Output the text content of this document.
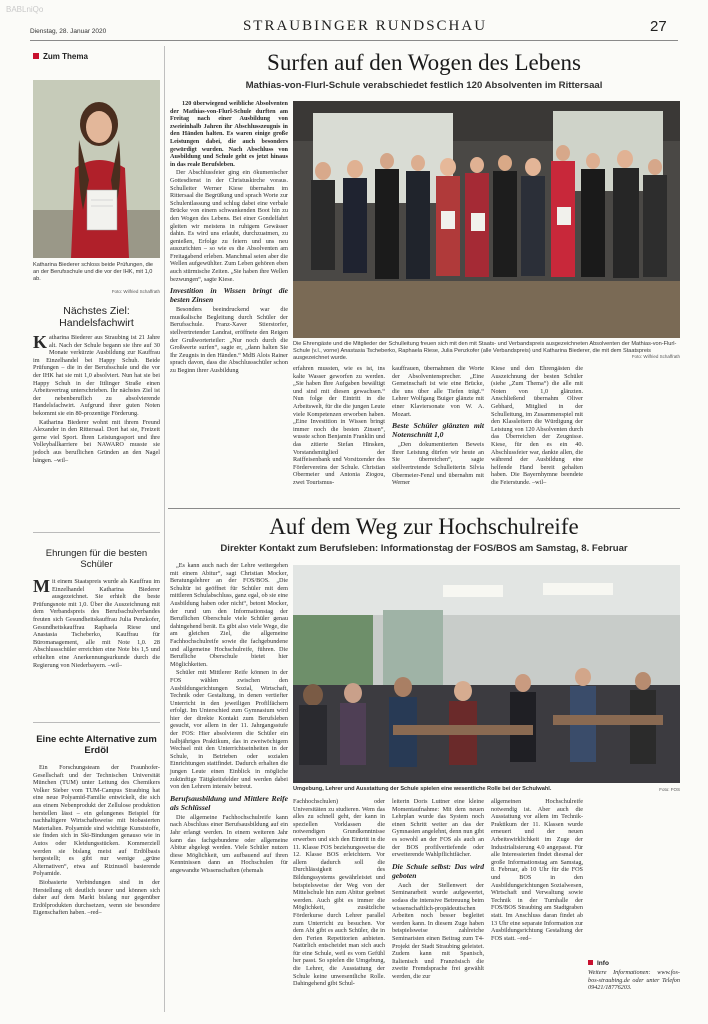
BABLniQo
Dienstag, 28. Januar 2020	STRAUBINGER RUNDSCHAU	27
Zum Thema
Katharina Biederer schloss beide Prüfungen, die an der Berufsschule und die vor der IHK, mit 1,0 ab.
Foto: Wilfried Schaffrath
Nächstes Ziel: Handelsfachwirt
Katharina Biederer aus Straubing ist 21 Jahre alt. Nach der Schule begann sie ihre auf 30 Monate verkürzte Ausbildung zur Kauffrau im Einzelhandel bei Happy Schuh. Beide Prüfungen – die in der Berufsschule und die vor der IHK hat sie mit 1,0 absolviert. Nun hat sie bei Happy Schuh in der Ittlinger Straße einen Arbeitsvertrag unterschrieben. Ihr nächstes Ziel ist der nebenberuflich zu absolvierende Handelsfachwirt. Aufgrund ihrer guten Noten bekommt sie ein 80-prozentige Förderung.

Katharina Biederer wohnt mit ihrem Freund Alexander in den Rittersaal. Dort hat sie, Freizeit gerne viel Sport. Ihren Leistungssport und ihre Volleyballkarriere bei NAWARO musste sie jedoch aus beruflichen Gründen an den Nagel hängen. –wil–

Ehrungen für die besten Schüler
Mit einem Staatspreis wurde als Kauffrau im Einzelhandel Katharina Biederer ausgezeichnet. Sie erhielt die beste Prüfungsnote mit 1,0. Über die Auszeichnung mit dem Verbandspreis des Berufsschulverbandes freuten sich Gesundheitskauffrau Julia Penzkofer, Gesundheitskauffrau Raphaela Riese und Anastasia Tscheberko, Kauffrau für Büromanagement, alle mit Note 1,0. 28 Abschlussschüler erreichten eine Note bis 1,5 und erhielten eine Anerkennungsurkunde durch die Regierung von Niederbayern. –wil–
Eine echte Alternative zum Erdöl

Ein Forschungsteam der Fraunhofer-Gesellschaft und der Technischen Universität München (TUM) unter Leitung des Chemikers Volker Sieber vom TUM-Campus Straubing hat eine neue Polyamid-Familie entwickelt, die sich aus einem Nebenprodukt der Zellulose produktion herstellen lässt – ein gelungenes Beispiel für nachhaltigere Wirtschaftsweise mit biobasierten Materialien. Polyamide sind wichtige Kunststoffe, sie finden sich in Ski-Bindungen genauso wie in Autos oder Kleidungsstücken. Kommerziell werden sie bislang meist auf Erdölbasis hergestellt; es gibt nur wenige „grüne Alternativen“, etwa auf Rizinusöl basierende Polyamide.

Biobasierte Verbindungen sind in der Herstellung oft deutlich teurer und können sich daher auf dem Markt bislang nur gegenüber Erdölprodukten durchsetzen, wenn sie besondere Eigenschaften haben. –red–

Surfen auf den Wogen des Lebens
Mathias-von-Flurl-Schule verabschiedet festlich 120 Absolventen im Rittersaal

120 überwiegend weibliche Absolventen der Mathias-von-Flurl-Schule durften am Freitag nach einer Ausbildung von zweieinhalb Jahren ihr Abschlusszeugnis in den Händen halten. Es waren einige große Leistungen dabei, die auch besonders gewürdigt wurden. Nach Abschluss von Ausbildung und Schule geht es jetzt hinaus in das reale Berufsleben.

Der Abschlussfeier ging ein ökumenischer Gottesdienst in der Christuskirche voraus. Schulleiter Werner Kiese übernahm im Rittersaal die Begrüßung und sprach Worte zur Schulentlassung und schlug dabei eine verbale Brücke von einem schwankenden Boot hin zu den Wogen des Lebens. Bei einer Gondelfahrt gleiten wir meistens in ruhigem Gewässer dahin. Es wird uns erlaubt, durchzuatmen, zu genießen, Erfolge zu feiern und uns neu auszurichten – so wie es die Absolventen am Freitagabend erleben. Manchmal seien aber die Wellen aufgewühlter. Zum Leben gehören eben auch stürmische Zeiten. „Sie haben ihre Wellen bezwungen“, sagte Kiese.

Investition in Wissen bringt die besten Zinsen

Besonders beeindruckend war die musikalische Begleitung durch Schüler der Berufsschule. Franz-Xaver Stierstorfer, stellvertretender Landrat, eröffnete den Reigen der Grußworterteiler: „Nur noch durch die Großwerte surfen“, sagte er, „dann halten Sie Ihr Zeugnis in den Händen.“ MdB Alois Rainer sprach davon, dass die Abschlussschüler schon zu Beginn ihrer Ausbildung

Die Ehrengäste und die Mitglieder der Schulleitung freuen sich mit den mit Staats- und Verbandspreis ausgezeichneten Absolventen der Mathias-von-Flurl-Schule (v.l., vorne) Anastasia Tscheberko, Raphaela Riese, Julia Penzkofer (alle Verbandspreis) und Katharina Biederer, die mit dem Staatspreis ausgezeichnet wurde.	Foto: Wilfried Schaffrath
erfahren mussten, wie es ist, ins kalte Wasser geworfen zu werden. „Sie haben Ihre Aufgaben bewältigt und sind mit diesen gewachsen.“ Nun folge der Eintritt in die Arbeitswelt, für die die jungen Leute viele Kompetenzen erworben haben. „Eine Investition in Wissen bringt immer noch die besten Zinsen“, wusste schon Benjamin Franklin und das zitierte Stefan Hinsken, Vorstandsmitglied der Raiffeisenbank und Vorsitzender des Fördervereins der Schule. Christian Obermeier und Antonia Ziogou, zwei Tourismus-

kauffrauen, übernahmen die Worte der Absolventensprecher. „Eine Gemeinschaft ist wie eine Brücke, die uns über alle Tiefen trägt.“ Lehrer Wolfgang Buiger glänzte mit einer Klaviersonate von W. A. Mozart.

Beste Schüler glänzten mit Notenschnitt 1,0

„Den dokumentierten Beweis Ihrer Leistung dürfen wir heute an Sie überreichen“, sagte stellvertretende Schulleiterin Silvia Obermeier-Fenzl und übernahm mit Werner

Kiese und den Ehrengästen die Auszeichnung der besten Schüler (siehe „Zum Thema“) die alle mit Noten von 1,0 glänzten. Anschließend übernahm Oliver Gebhard, Mitglied in der Schulleitung, im Zusammenspiel mit den Klassleitern die Würdigung der Leistung von 120 Absolventen durch das Überreichen der Zeugnisse. Kiese, für den es ein 40. Abschlussfeier war, dankte allen, die während der Ausbildung eine helfende Hand bereit gehalten haben. Die Bayernhymne beendete die Feierstunde. –wil–
Auf dem Weg zur Hochschulreife
Direkter Kontakt zum Berufsleben: Informationstag der FOS/BOS am Samstag, 8. Februar

„Es kann auch nach der Lehre weitergehen mit einem Abitur“, sagt Christian Mocker, Beratungslehrer an der FOS/BOS. „Die Schultür ist geöffnet für Schüler mit dem mittleren Schulabschluss, ganz egal, ob sie eine Ausbildung haben oder nicht“, betont Mocker, der rund um den Informationstag der Beruflichen Oberschule viele Schüler genau dahingehend berät. Es gibt also viele Wege, die am gleichen Ziel, die allgemeine Fachhochschulreife sowie die fachgebundene und allgemeine Hochschulreife, führen. Die Berufliche Oberschule bietet hier Möglichkeiten.

Schüler mit Mittlerer Reife können in der FOS wählen zwischen den Ausbildungsrichtungen Sozial, Wirtschaft, Technik oder Gestaltung, in denen vertiefter Unterricht in den jeweiligen Profilfächern erfolgt. Im Unterschied zum Gymnasium wird hier der direkte Kontakt zum Berufsleben gesucht, vor allem in der 11. Jahrgangsstufe der FOS: Hier absolvieren die Schüler ein halbjähriges Praktikum, das in zweiwöchigem Wechsel mit den Unterrichtseinheiten in der Schule, in Betrieben oder sozialen Einrichtungen stattfindet. Dadurch erhalten die jungen Leute einen Einblick in mögliche zukünftige Tätigkeitsfelder und werden dabei von den Lehrern intensiv betreut.

Berufsausbildung und Mittlere Reife als Schlüssel

Die allgemeine Fachhochschulreife kann nach Abschluss einer Berufsausbildung auf ein Jahr erlangt werden. In einem weiteren Jahr kann das fachgebundene oder allgemeine Abitur abgelegt werden. Viele Schüler nutzen diese Möglichkeit, um aufbauend auf ihren Kenntnissen dann an Hochschulen für angewandte Wissenschaften (ehemals

Umgebung, Lehrer und Ausstattung der Schule spielen eine wesentliche Rolle bei der Schulwahl.	Foto: FOS
Fachhochschulen) oder Universitäten zu studieren. Wem das alles zu schnell geht, der kann in speziellen Vorklassen die notwendigen Grundkenntnisse erwerben und sich den Eintritt in die 11. Klasse FOS beziehungsweise die 12. Klasse BOS erleichtern. Vor allem dadurch soll die Durchlässigkeit des Bildungssystems gewährleistet und beispielsweise der Weg von der Mittelschule hin zum Abitur geebnet werden. Auch gibt es immer die Möglichkeit, zusätzliche Förderkurse durch Lehrer parallel zum Unterricht zu besuchen. Vor dem Abi gibt es auch Schüler, die in den Ferien Repetitorien anbieten. Natürlich entscheidet man sich auch für eine Schule, weil es vom Gefühl her passt. So spielen die Umgebung, die Lehrer, die Ausstattung der Schule keine unwesentliche Rolle. Dahingehend gibt Schul-

leiterin Doris Luttner eine kleine Momentaufnahme: Mit dem neuen Lehrplan wurde das System noch einen Schritt weiter an das der Gymnasien angelehnt, denn nun gibt es sowohl an der FOS als auch an der BOS profilvertiefende oder erweiterende Wahlpflichtfächer.

Die Schule selbst: Das wird geboten

Auch der Stellenwert der Seminararbeit wurde aufgewertet, sodass die intensive Betreuung beim wissenschaftlich-propädeutischen Arbeiten noch besser begleitet werden kann. In diesem Zuge haben beispielsweise zahlreiche Seminaristen einen Beitrag zum T4-Projekt der Stadt Straubing geleistet. Zudem kann mit Spanisch, Italienisch und Französisch die zweite Fremdsprache frei gewählt werden, die zur

allgemeinen Hochschulreife notwendig ist. Aber auch die Ausstattung vor allem im Technik-Praktikum der 11. Klassen wurde erneuert und der neuen Arbeitswirklichkeit im Zuge der Industrialisierung 4.0 angepasst. Für alle Interessierten findet diesmal der große Informationstag am Samstag, 8. Februar, ab 10 Uhr für die FOS und BOS in den Ausbildungsrichtungen Sozialwesen, Wirtschaft und Verwaltung sowie Technik in der Turnhalle der FOS/BOS Straubing am Stadtgraben statt. Im Anschluss daran findet ab 13 Uhr eine separate Information zur Ausbildungsrichtung Gestaltung der FOS statt. –red–
Info
Weitere Informationen: www.fos-bos-straubing.de oder unter Telefon 09421/18776203.
